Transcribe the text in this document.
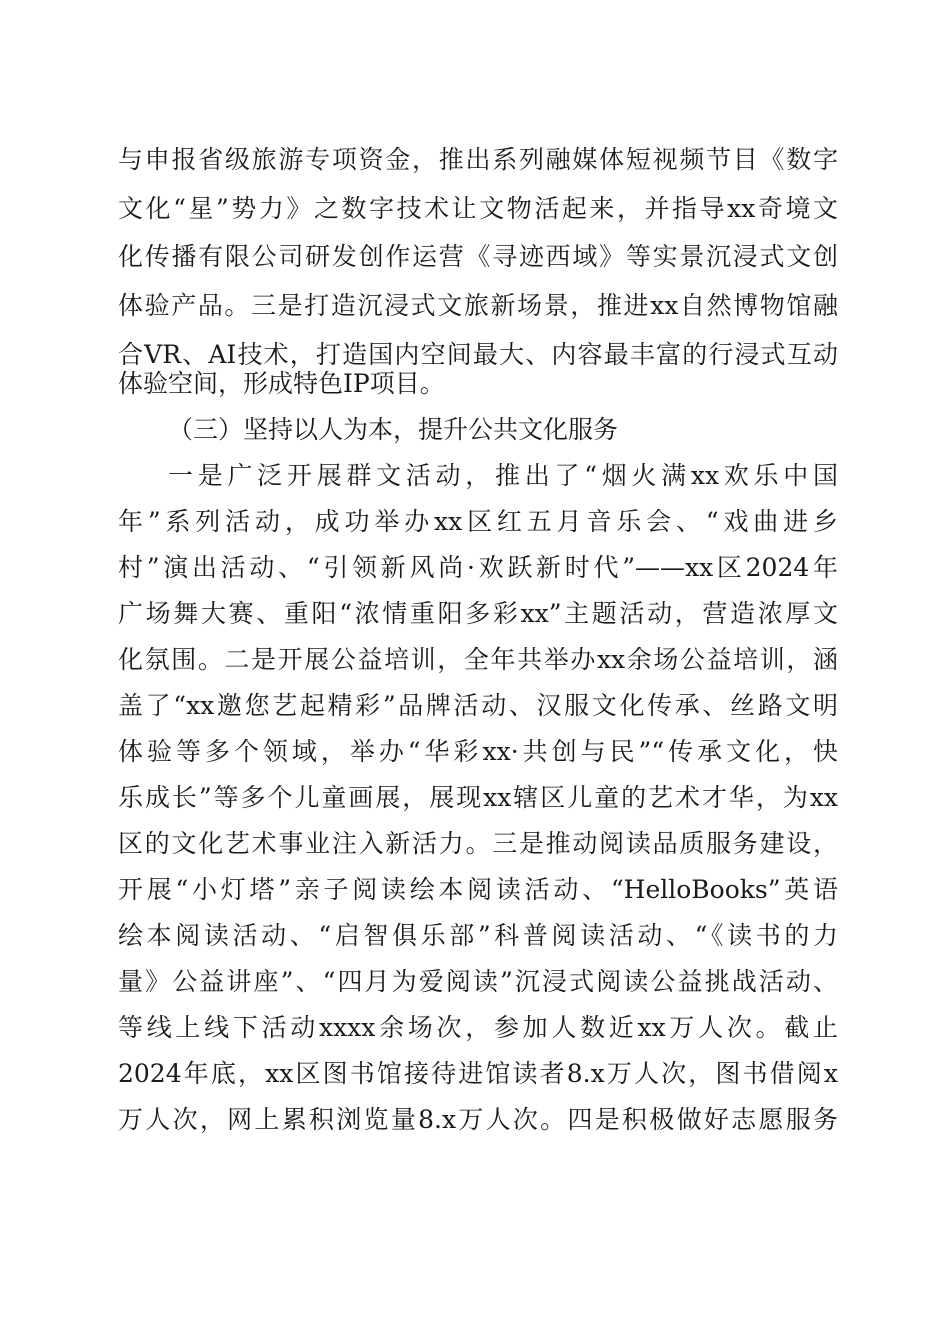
与申报省级旅游专项资金，推出系列融媒体短视频节目《数字
文化“星”势力》之数字技术让文物活起来，并指导xx奇境文
化传播有限公司研发创作运营《寻迹西域》等实景沉浸式文创
体验产品。三是打造沉浸式文旅新场景，推进xx自然博物馆融
合VR、AI技术，打造国内空间最大、内容最丰富的行浸式互动
体验空间，形成特色IP项目。
（三）坚持以人为本，提升公共文化服务
一是广泛开展群文活动，推出了“烟火满xx欢乐中国
年”系列活动，成功举办xx区红五月音乐会、“戏曲进乡
村”演出活动、“引领新风尚·欢跃新时代”——xx区2024年
广场舞大赛、重阳“浓情重阳多彩xx”主题活动，营造浓厚文
化氛围。二是开展公益培训，全年共举办xx余场公益培训，涵
盖了“xx邀您艺起精彩”品牌活动、汉服文化传承、丝路文明
体验等多个领域，举办“华彩xx·共创与民”“传承文化，快
乐成长”等多个儿童画展，展现xx辖区儿童的艺术才华，为xx
区的文化艺术事业注入新活力。三是推动阅读品质服务建设，
开展“小灯塔”亲子阅读绘本阅读活动、“HelloBooks”英语
绘本阅读活动、“启智俱乐部”科普阅读活动、“《读书的力
量》公益讲座”、“四月为爱阅读”沉浸式阅读公益挑战活动、
等线上线下活动xxxx余场次，参加人数近xx万人次。截止
2024年底，xx区图书馆接待进馆读者8.x万人次，图书借阅x
万人次，网上累积浏览量8.x万人次。四是积极做好志愿服务
